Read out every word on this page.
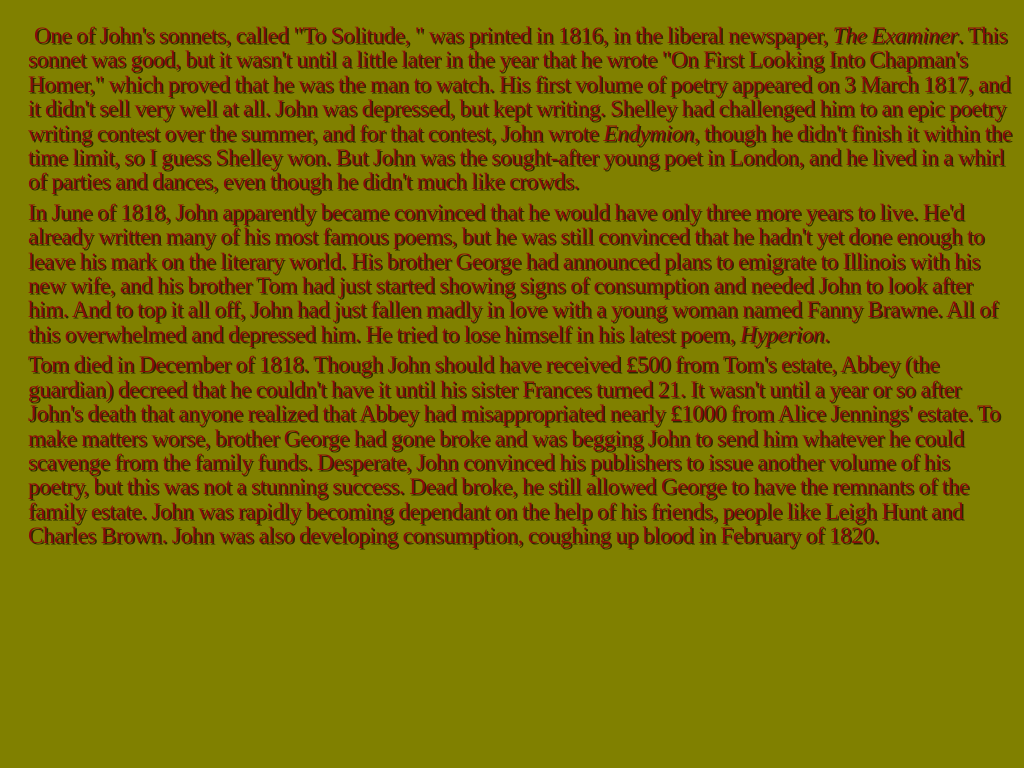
One of John's sonnets, called "To Solitude, " was printed in 1816, in the liberal newspaper, The Examiner. This sonnet was good, but it wasn't until a little later in the year that he wrote "On First Looking Into Chapman's Homer," which proved that he was the man to watch. His first volume of poetry appeared on 3 March 1817, and it didn't sell very well at all. John was depressed, but kept writing. Shelley had challenged him to an epic poetry writing contest over the summer, and for that contest, John wrote Endymion, though he didn't finish it within the time limit, so I guess Shelley won. But John was the sought-after young poet in London, and he lived in a whirl of parties and dances, even though he didn't much like crowds.

In June of 1818, John apparently became convinced that he would have only three more years to live. He'd already written many of his most famous poems, but he was still convinced that he hadn't yet done enough to leave his mark on the literary world. His brother George had announced plans to emigrate to Illinois with his new wife, and his brother Tom had just started showing signs of consumption and needed John to look after him. And to top it all off, John had just fallen madly in love with a young woman named Fanny Brawne. All of this overwhelmed and depressed him. He tried to lose himself in his latest poem, Hyperion.

Tom died in December of 1818. Though John should have received £500 from Tom's estate, Abbey (the guardian) decreed that he couldn't have it until his sister Frances turned 21. It wasn't until a year or so after John's death that anyone realized that Abbey had misappropriated nearly £1000 from Alice Jennings' estate. To make matters worse, brother George had gone broke and was begging John to send him whatever he could scavenge from the family funds. Desperate, John convinced his publishers to issue another volume of his poetry, but this was not a stunning success. Dead broke, he still allowed George to have the remnants of the family estate. John was rapidly becoming dependant on the help of his friends, people like Leigh Hunt and Charles Brown. John was also developing consumption, coughing up blood in February of 1820.
